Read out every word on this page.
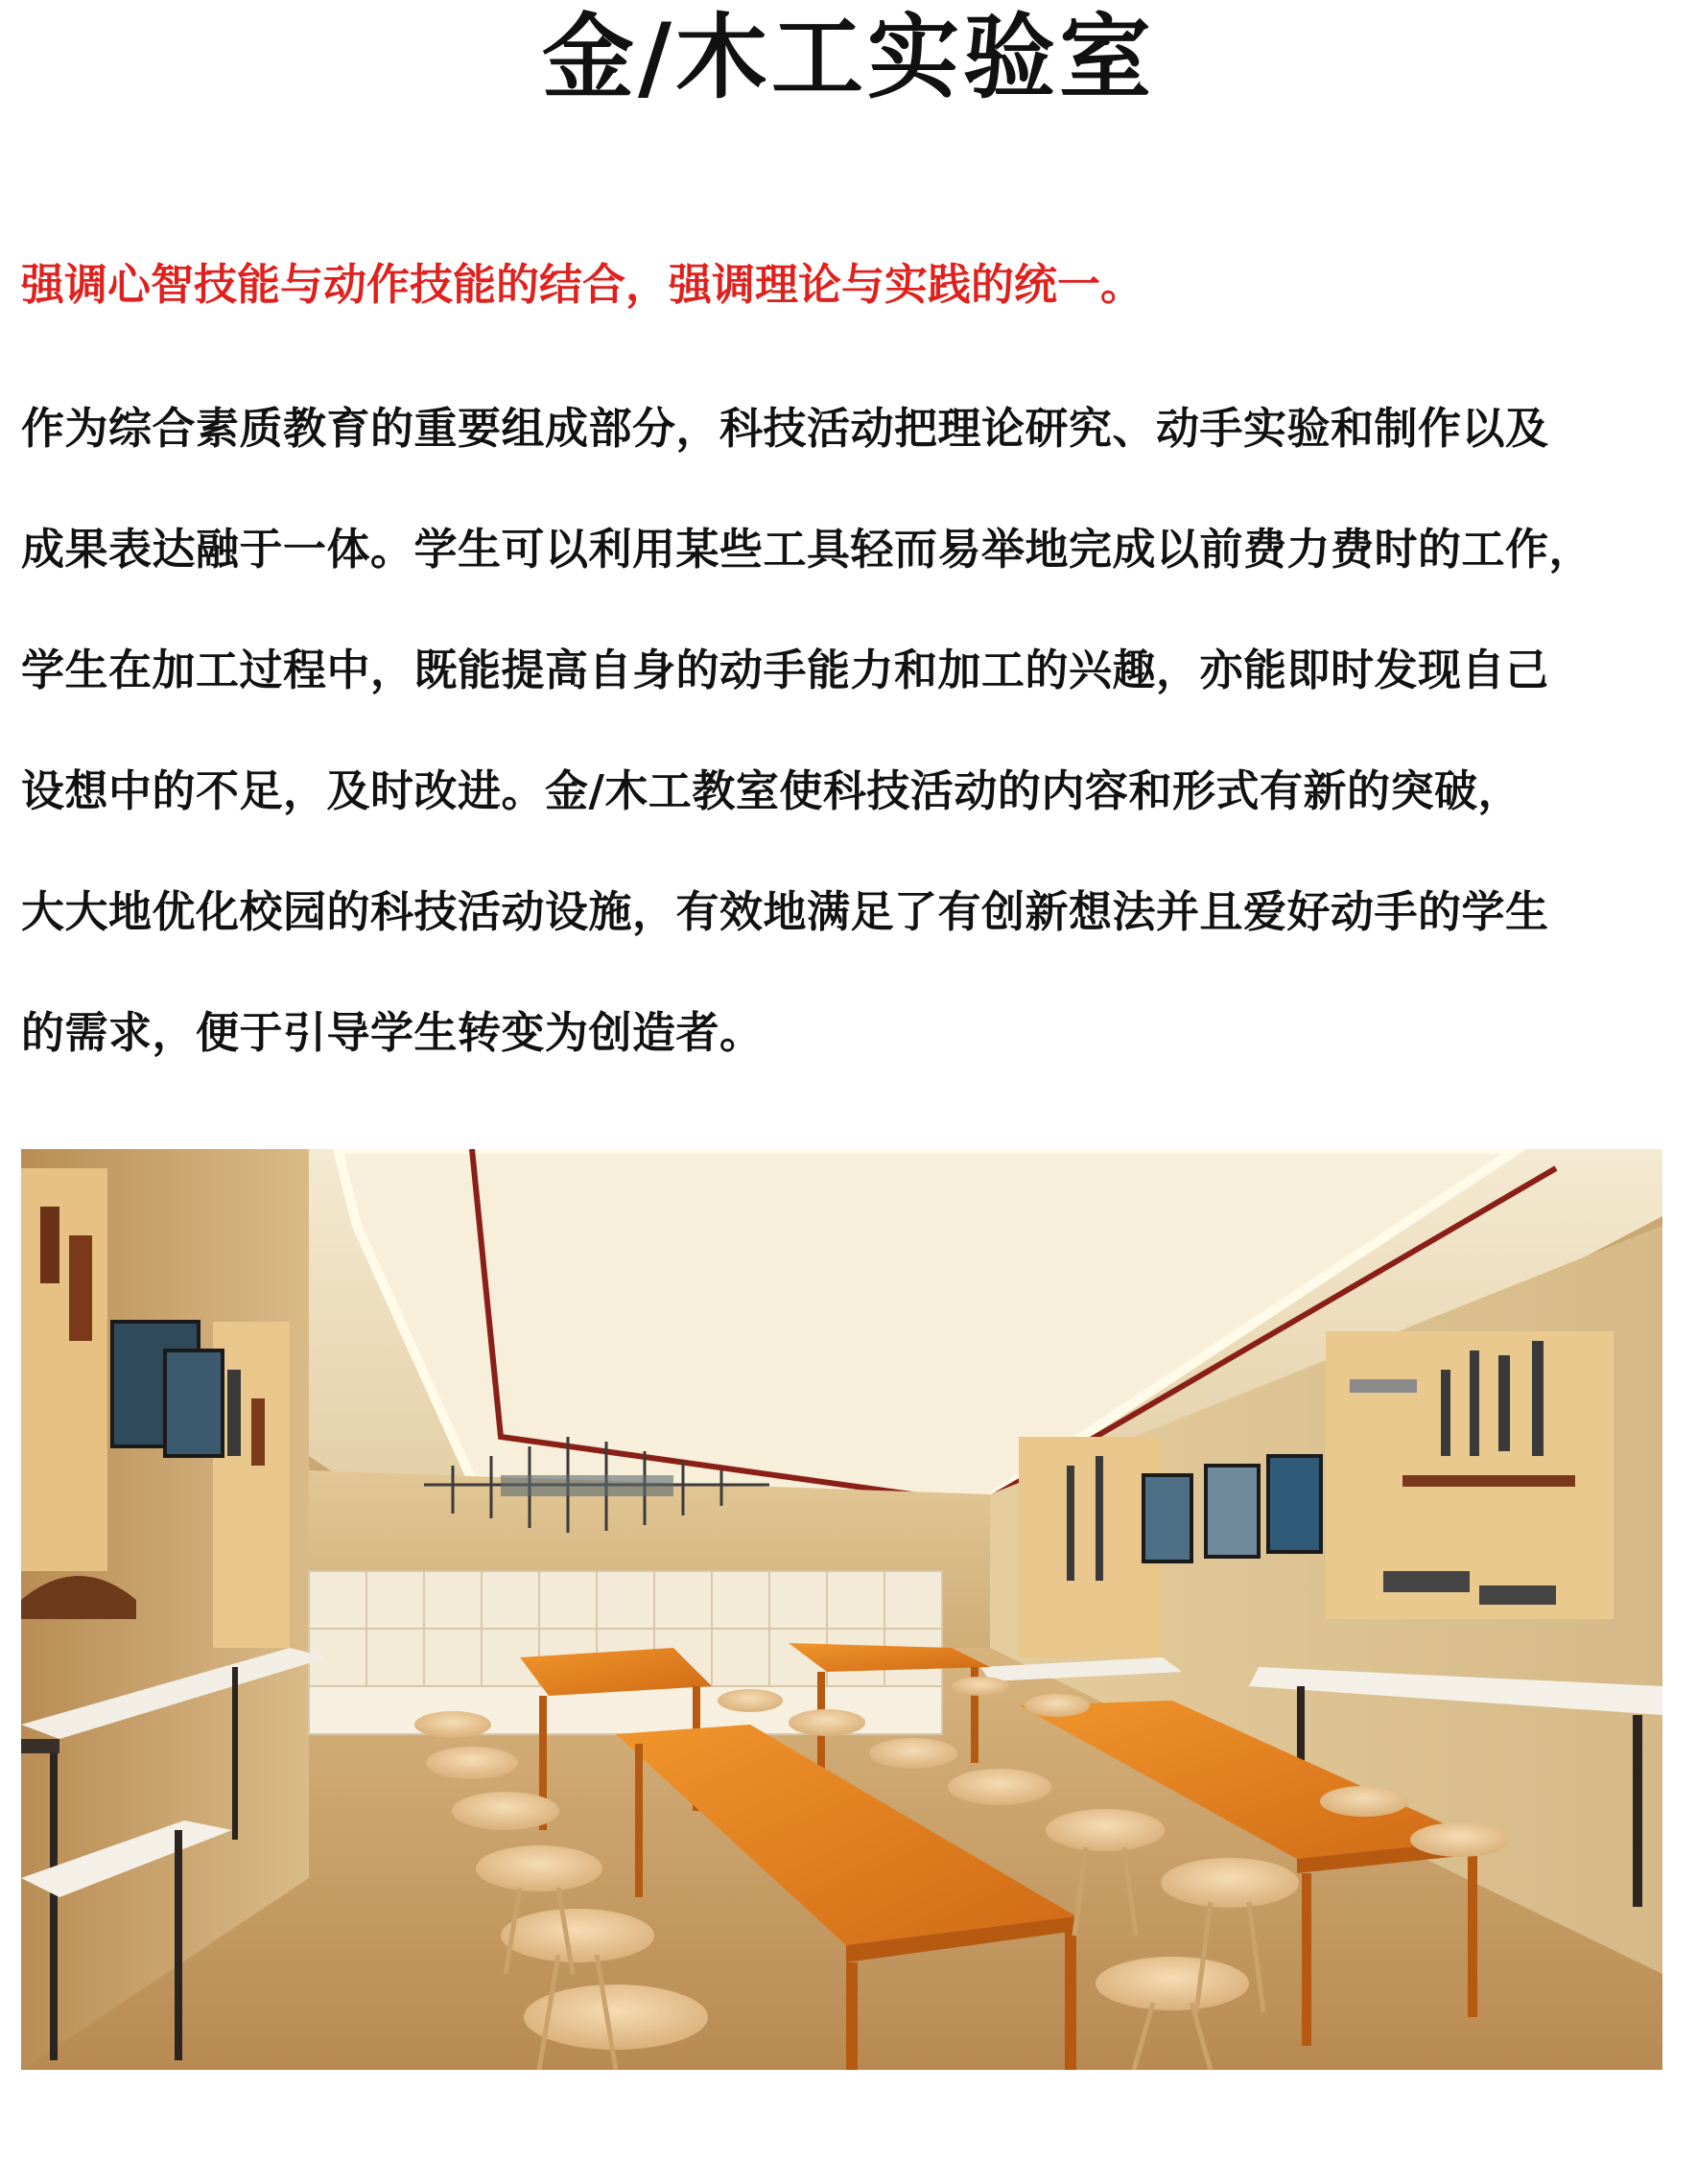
金/木工实验室

强调心智技能与动作技能的结合，强调理论与实践的统一。

作为综合素质教育的重要组成部分，科技活动把理论研究、动手实验和制作以及
成果表达融于一体。学生可以利用某些工具轻而易举地完成以前费力费时的工作，
学生在加工过程中，既能提高自身的动手能力和加工的兴趣，亦能即时发现自己
设想中的不足，及时改进。金/木工教室使科技活动的内容和形式有新的突破，
大大地优化校园的科技活动设施，有效地满足了有创新想法并且爱好动手的学生
的需求，便于引导学生转变为创造者。
